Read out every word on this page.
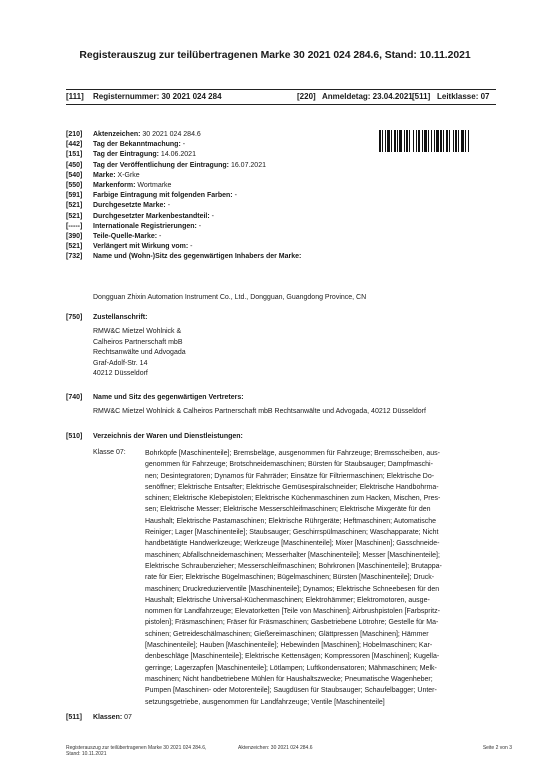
Registerauszug zur teilübertragenen Marke 30 2021 024 284.6, Stand: 10.11.2021
[111] Registernummer: 30 2021 024 284	[220] Anmeldetag: 23.04.2021 [511] Leitklasse: 07
[210] Aktenzeichen: 30 2021 024 284.6
[442] Tag der Bekanntmachung: -
[151] Tag der Eintragung: 14.06.2021
[450] Tag der Veröffentlichung der Eintragung: 16.07.2021
[540] Marke: X-Grke
[550] Markenform: Wortmarke
[591] Farbige Eintragung mit folgenden Farben: -
[521] Durchgesetzte Marke: -
[521] Durchgesetzter Markenbestandteil: -
[-----] Internationale Registrierungen: -
[390] Teile-Quelle-Marke: -
[521] Verlängert mit Wirkung vom: -
[732] Name und (Wohn-)Sitz des gegenwärtigen Inhabers der Marke:
Dongguan Zhixin Automation Instrument Co., Ltd., Dongguan, Guangdong Province, CN
[750] Zustellanschrift:
RMW&C Mietzel Wohlnick &
Calheiros Partnerschaft mbB
Rechtsanwälte und Advogada
Graf-Adolf-Str. 14
40212 Düsseldorf
[740] Name und Sitz des gegenwärtigen Vertreters:
RMW&C Mietzel Wohlnick & Calheiros Partnerschaft mbB Rechtsanwälte und Advogada, 40212 Düsseldorf
[510] Verzeichnis der Waren und Dienstleistungen:
Klasse 07:	Bohrköpfe [Maschinenteile]; Bremsbeläge, ausgenommen für Fahrzeuge; Bremsscheiben, aus-
genommen für Fahrzeuge; Brotschneidemaschinen; Bürsten für Staubsauger; Dampfmaschi-
nen; Desintegratoren; Dynamos für Fahrräder; Einsätze für Filtriermaschinen; Elektrische Do-
senöffner; Elektrische Entsafter; Elektrische Gemüsespiralschneider; Elektrische Handbohrma-
schinen; Elektrische Klebepistolen; Elektrische Küchenmaschinen zum Hacken, Mischen, Pres-
sen; Elektrische Messer; Elektrische Messerschleifmaschinen; Elektrische Mixgeräte für den
Haushalt; Elektrische Pastamaschinen; Elektrische Rührgeräte; Heftmaschinen; Automatische
Reiniger; Lager [Maschinenteile]; Staubsauger; Geschirrspülmaschinen; Waschapparate; Nicht
handbetätigte Handwerkzeuge; Werkzeuge [Maschinenteile]; Mixer [Maschinen]; Gasschneide-
maschinen; Abfallschneidemaschinen; Messerhalter [Maschinenteile]; Messer [Maschinenteile];
Elektrische Schraubenzieher; Messerschleifmaschinen; Bohrkronen [Maschinenteile]; Brutappa-
rate für Eier; Elektrische Bügelmaschinen; Bügelmaschinen; Bürsten [Maschinenteile]; Druck-
maschinen; Druckreduzierventile [Maschinenteile]; Dynamos; Elektrische Schneebesen für den
Haushalt; Elektrische Universal-Küchenmaschinen; Elektrohämmer; Elektromotoren, ausge-
nommen für Landfahrzeuge; Elevatorketten [Teile von Maschinen]; Airbrushpistolen [Farbspritz-
pistolen]; Fräsmaschinen; Fräser für Fräsmaschinen; Gasbetriebene Lötrohre; Gestelle für Ma-
schinen; Getreideschälmaschinen; Gießereimaschinen; Glättpressen [Maschinen]; Hämmer
[Maschinenteile]; Hauben [Maschinenteile]; Hebewinden [Maschinen]; Hobelmaschinen; Kar-
denbeschläge [Maschinenteile]; Elektrische Kettensägen; Kompressoren [Maschinen]; Kugella-
gerringe; Lagerzapfen [Maschinenteile]; Lötlampen; Luftkondensatoren; Mähmaschinen; Melk-
maschinen; Nicht handbetriebene Mühlen für Haushaltszwecke; Pneumatische Wagenheber;
Pumpen [Maschinen- oder Motorenteile]; Saugdüsen für Staubsauger; Schaufelbagger; Unter-
setzungsgetriebe, ausgenommen für Landfahrzeuge; Ventile [Maschinenteile]
[511] Klassen: 07
Registerauszug zur teilübertragenen Marke 30 2021 024 284.6,
Stand: 10.11.2021
Aktenzeichen: 30 2021 024 284.6	Seite 2 von 3
